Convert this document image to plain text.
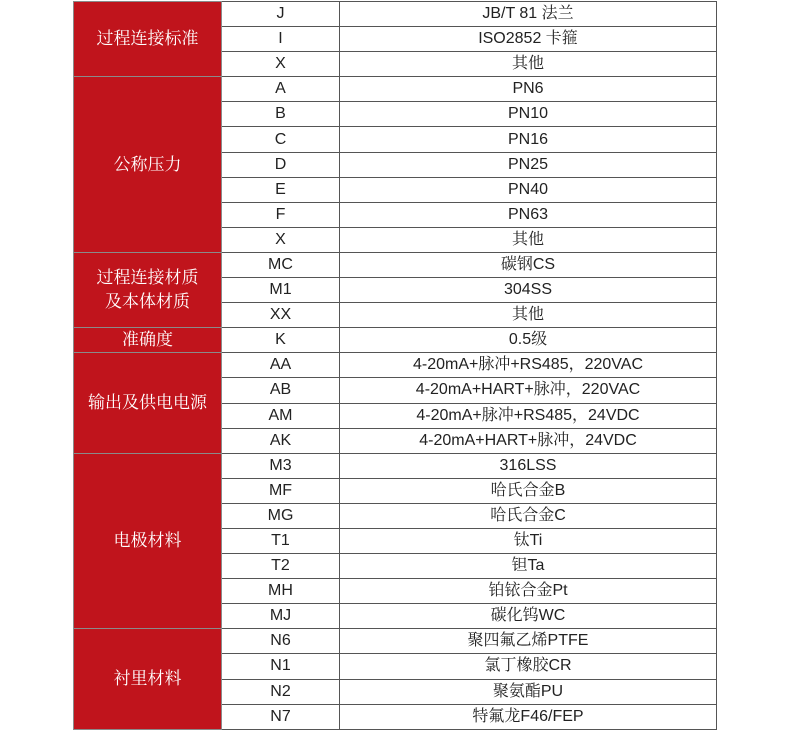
过程连接标准	J	JB/T 81 法兰
	I	ISO2852 卡箍
	X	其他
公称压力	A	PN6
	B	PN10
	C	PN16
	D	PN25
	E	PN40
	F	PN63
	X	其他
过程连接材质
及本体材质	MC	碳钢CS
	M1	304SS
	XX	其他
准确度	K	0.5级
输出及供电电源	AA	4-20mA+脉冲+RS485，220VAC
	AB	4-20mA+HART+脉冲，220VAC
	AM	4-20mA+脉冲+RS485，24VDC
	AK	4-20mA+HART+脉冲，24VDC
电极材料	M3	316LSS
	MF	哈氏合金B
	MG	哈氏合金C
	T1	钛Ti
	T2	钽Ta
	MH	铂铱合金Pt
	MJ	碳化钨WC
衬里材料	N6	聚四氟乙烯PTFE
	N1	氯丁橡胶CR
	N2	聚氨酯PU
	N7	特氟龙F46/FEP
